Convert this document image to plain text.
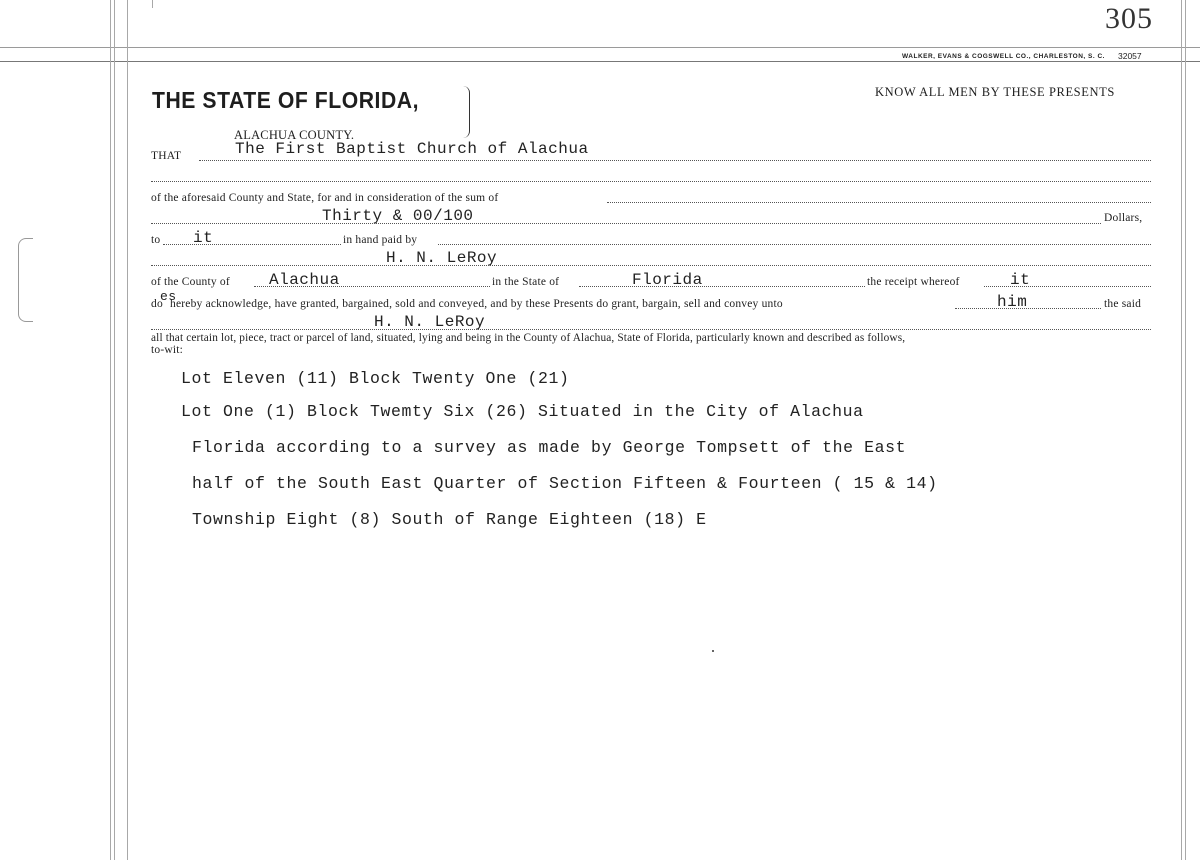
305
WALKER, EVANS & COGSWELL CO., CHARLESTON, S. C. 32057
THE STATE OF FLORIDA,
ALACHUA COUNTY.
KNOW ALL MEN BY THESE PRESENTS
THAT	The First Baptist Church of Alachua
of the aforesaid County and State, for and in consideration of the sum of
Thirty & 00/100	Dollars,
to it	in hand paid by
H. N. LeRoy
of the County of Alachua	in the State of	Florida	the receipt whereof	it
do
es
hereby acknowledge, have granted, bargained, sold and conveyed, and by these Presents do grant, bargain, sell and convey unto	him	the said
H. N. LeRoy
all that certain lot, piece, tract or parcel of land, situated, lying and being in the County of Alachua, State of Florida, particularly known and described as follows,
to-wit:
Lot Eleven (11) Block Twenty One (21)
Lot One (1) Block Twemty Six (26) Situated in the City of Alachua
Florida according to a survey as made by George Tompsett of the East
half of the South East Quarter of Section Fifteen & Fourteen ( 15 & 14)
Township Eight (8) South of Range Eighteen (18) E
